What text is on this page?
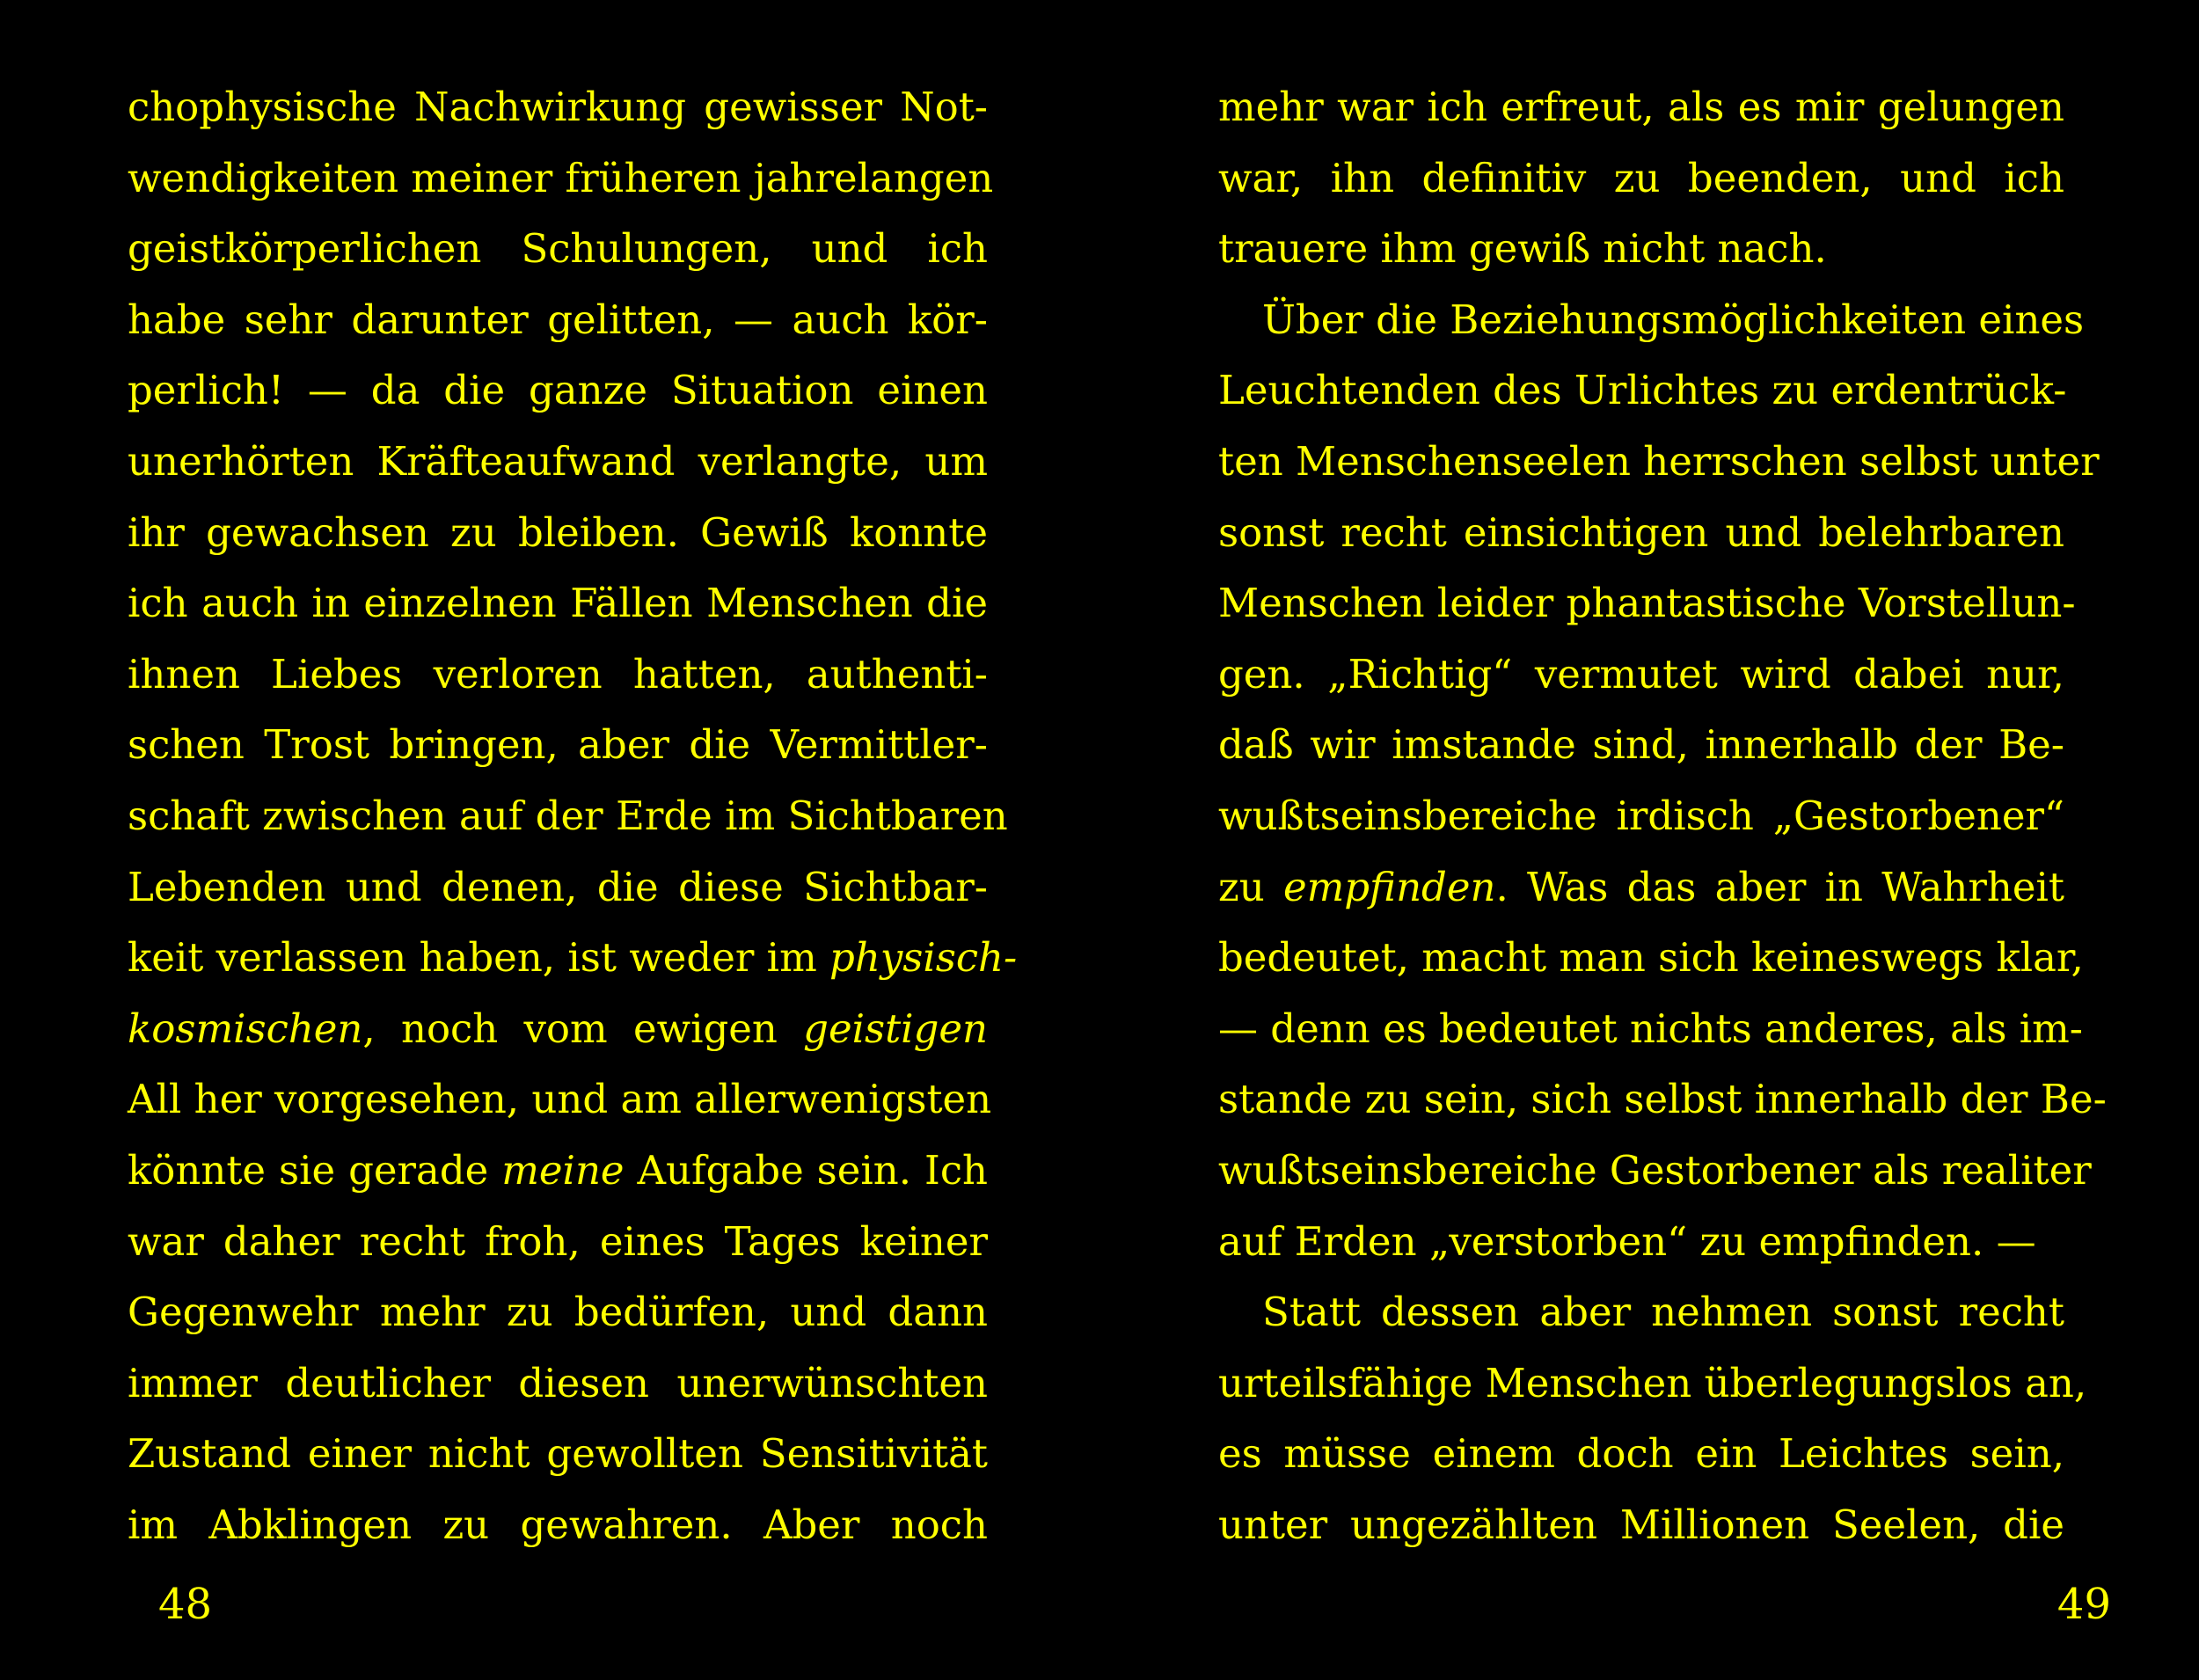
chophysische Nachwirkung gewisser Not-
wendigkeiten meiner früheren jahrelangen
geistkörperlichen Schulungen, und ich
habe sehr darunter gelitten, — auch kör-
perlich! — da die ganze Situation einen
unerhörten Kräfteaufwand verlangte, um
ihr gewachsen zu bleiben. Gewiß konnte
ich auch in einzelnen Fällen Menschen die
ihnen Liebes verloren hatten, authenti-
schen Trost bringen, aber die Vermittler-
schaft zwischen auf der Erde im Sichtbaren
Lebenden und denen, die diese Sichtbar-
keit verlassen haben, ist weder im physisch-
kosmischen, noch vom ewigen geistigen
All her vorgesehen, und am allerwenigsten
könnte sie gerade meine Aufgabe sein. Ich
war daher recht froh, eines Tages keiner
Gegenwehr mehr zu bedürfen, und dann
immer deutlicher diesen unerwünschten
Zustand einer nicht gewollten Sensitivität
im Abklingen zu gewahren. Aber noch
48
mehr war ich erfreut, als es mir gelungen
war, ihn definitiv zu beenden, und ich
trauere ihm gewiß nicht nach.
Über die Beziehungsmöglichkeiten eines
Leuchtenden des Urlichtes zu erdentrück-
ten Menschenseelen herrschen selbst unter
sonst recht einsichtigen und belehrbaren
Menschen leider phantastische Vorstellun-
gen. „Richtig“ vermutet wird dabei nur,
daß wir imstande sind, innerhalb der Be-
wußtseinsbereiche irdisch „Gestorbener“
zu empfinden. Was das aber in Wahrheit
bedeutet, macht man sich keineswegs klar,
— denn es bedeutet nichts anderes, als im-
stande zu sein, sich selbst innerhalb der Be-
wußtseinsbereiche Gestorbener als realiter
auf Erden „verstorben“ zu empfinden. —
Statt dessen aber nehmen sonst recht
urteilsfähige Menschen überlegungslos an,
es müsse einem doch ein Leichtes sein,
unter ungezählten Millionen Seelen, die
49
